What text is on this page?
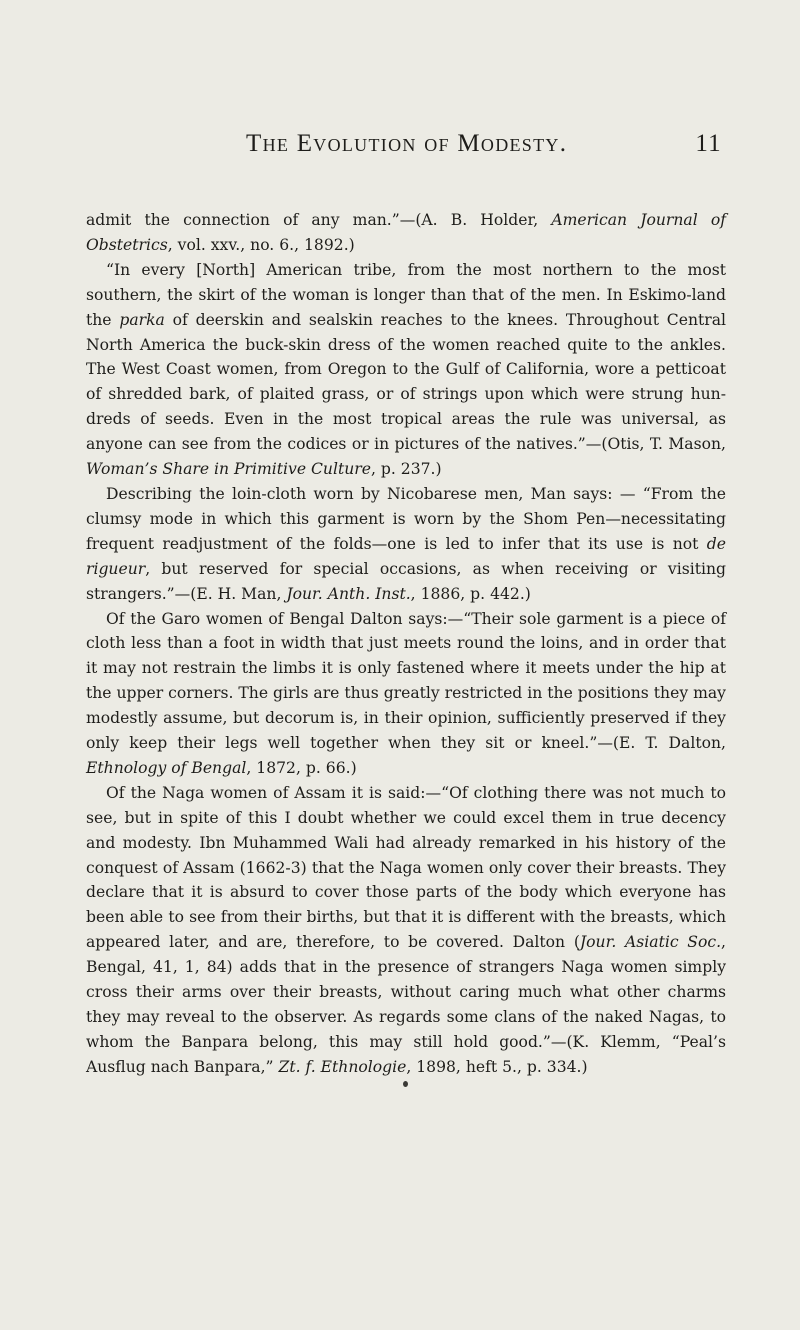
The Evolution of Modesty.	11

admit the connection of any man.”—(A. B. Holder, American Journal of Obstetrics, vol. xxv., no. 6., 1892.)

“In every [North] American tribe, from the most northern to the most southern, the skirt of the woman is longer than that of the men. In Eskimo-land the parka of deerskin and sealskin reaches to the knees. Throughout Central North America the buck-skin dress of the women reached quite to the ankles. The West Coast women, from Oregon to the Gulf of California, wore a petticoat of shredded bark, of plaited grass, or of strings upon which were strung hundreds of seeds. Even in the most tropical areas the rule was universal, as anyone can see from the codices or in pictures of the natives.”—(Otis, T. Mason, Woman’s Share in Primitive Culture, p. 237.)

Describing the loin-cloth worn by Nicobarese men, Man says: — “From the clumsy mode in which this garment is worn by the Shom Pen—necessitating frequent readjustment of the folds—one is led to infer that its use is not de rigueur, but reserved for special occasions, as when receiving or visiting strangers.”—(E. H. Man, Jour. Anth. Inst., 1886, p. 442.)

Of the Garo women of Bengal Dalton says:—“Their sole garment is a piece of cloth less than a foot in width that just meets round the loins, and in order that it may not restrain the limbs it is only fastened where it meets under the hip at the upper corners. The girls are thus greatly restricted in the positions they may modestly assume, but decorum is, in their opinion, sufficiently preserved if they only keep their legs well together when they sit or kneel.”—(E. T. Dalton, Ethnology of Bengal, 1872, p. 66.)

Of the Naga women of Assam it is said:—“Of clothing there was not much to see, but in spite of this I doubt whether we could excel them in true decency and modesty. Ibn Muhammed Wali had already remarked in his history of the conquest of Assam (1662-3) that the Naga women only cover their breasts. They declare that it is absurd to cover those parts of the body which everyone has been able to see from their births, but that it is different with the breasts, which appeared later, and are, therefore, to be covered. Dalton (Jour. Asiatic Soc., Bengal, 41, 1, 84) adds that in the presence of strangers Naga women simply cross their arms over their breasts, without caring much what other charms they may reveal to the observer. As regards some clans of the naked Nagas, to whom the Banpara belong, this may still hold good.”—(K. Klemm, “Peal’s Ausflug nach Banpara,” Zt. f. Ethnologie, 1898, heft 5., p. 334.)
